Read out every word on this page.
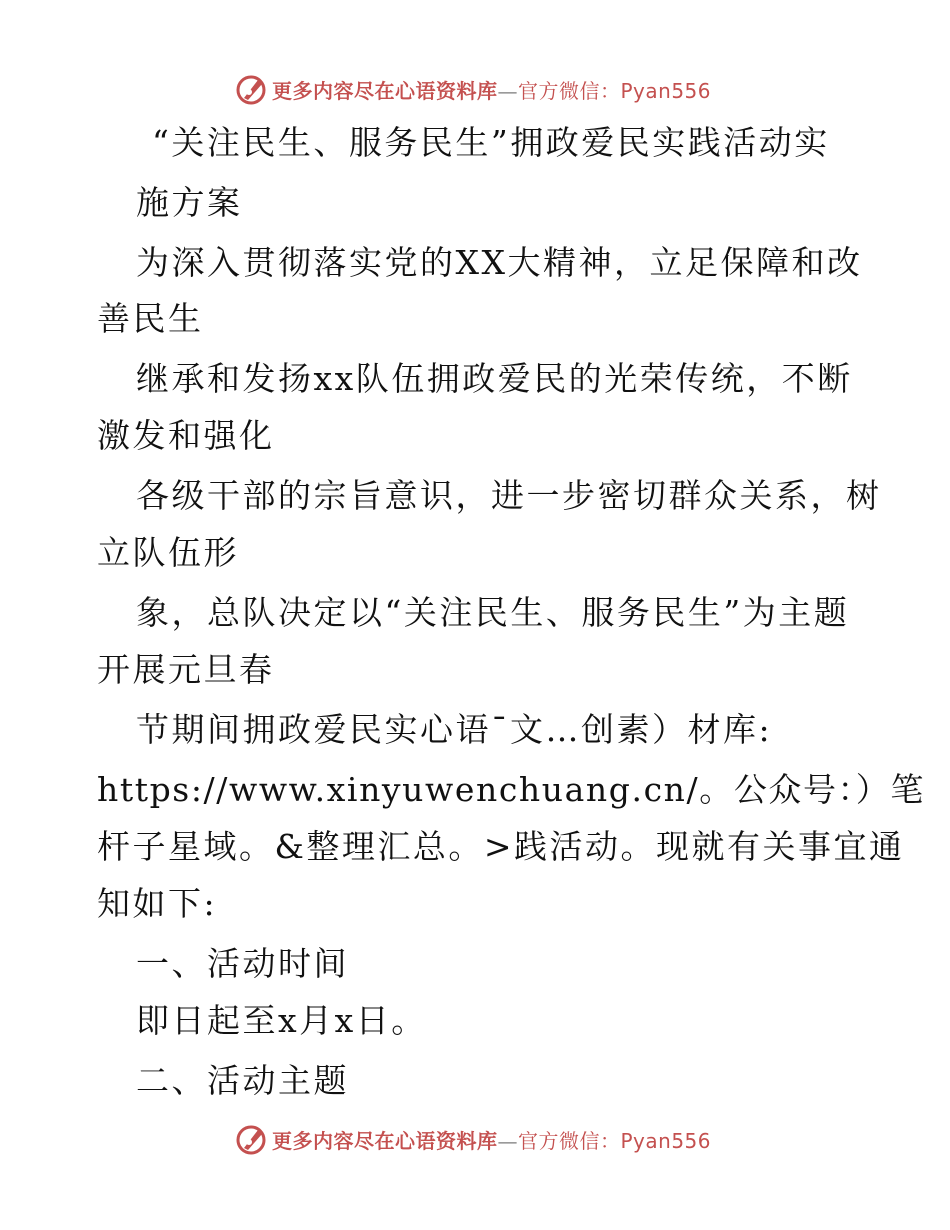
更多内容尽在心语资料库—官方微信：Pyan556
“关注民生、服务民生”拥政爱民实践活动实
施方案
为深入贯彻落实党的XX大精神，立足保障和改
善民生
继承和发扬xx队伍拥政爱民的光荣传统，不断
激发和强化
各级干部的宗旨意识，进一步密切群众关系，树
立队伍形
象，总队决定以“关注民生、服务民生”为主题
开展元旦春
节期间拥政爱民实心语¯文…创素）材库:
https://www.xinyuwenchuang.cn/。公众号：）笔
杆子星域。&整理汇总。>践活动。现就有关事宜通
知如下:
一、活动时间
即日起至x月x日。
二、活动主题
更多内容尽在心语资料库—官方微信：Pyan556
